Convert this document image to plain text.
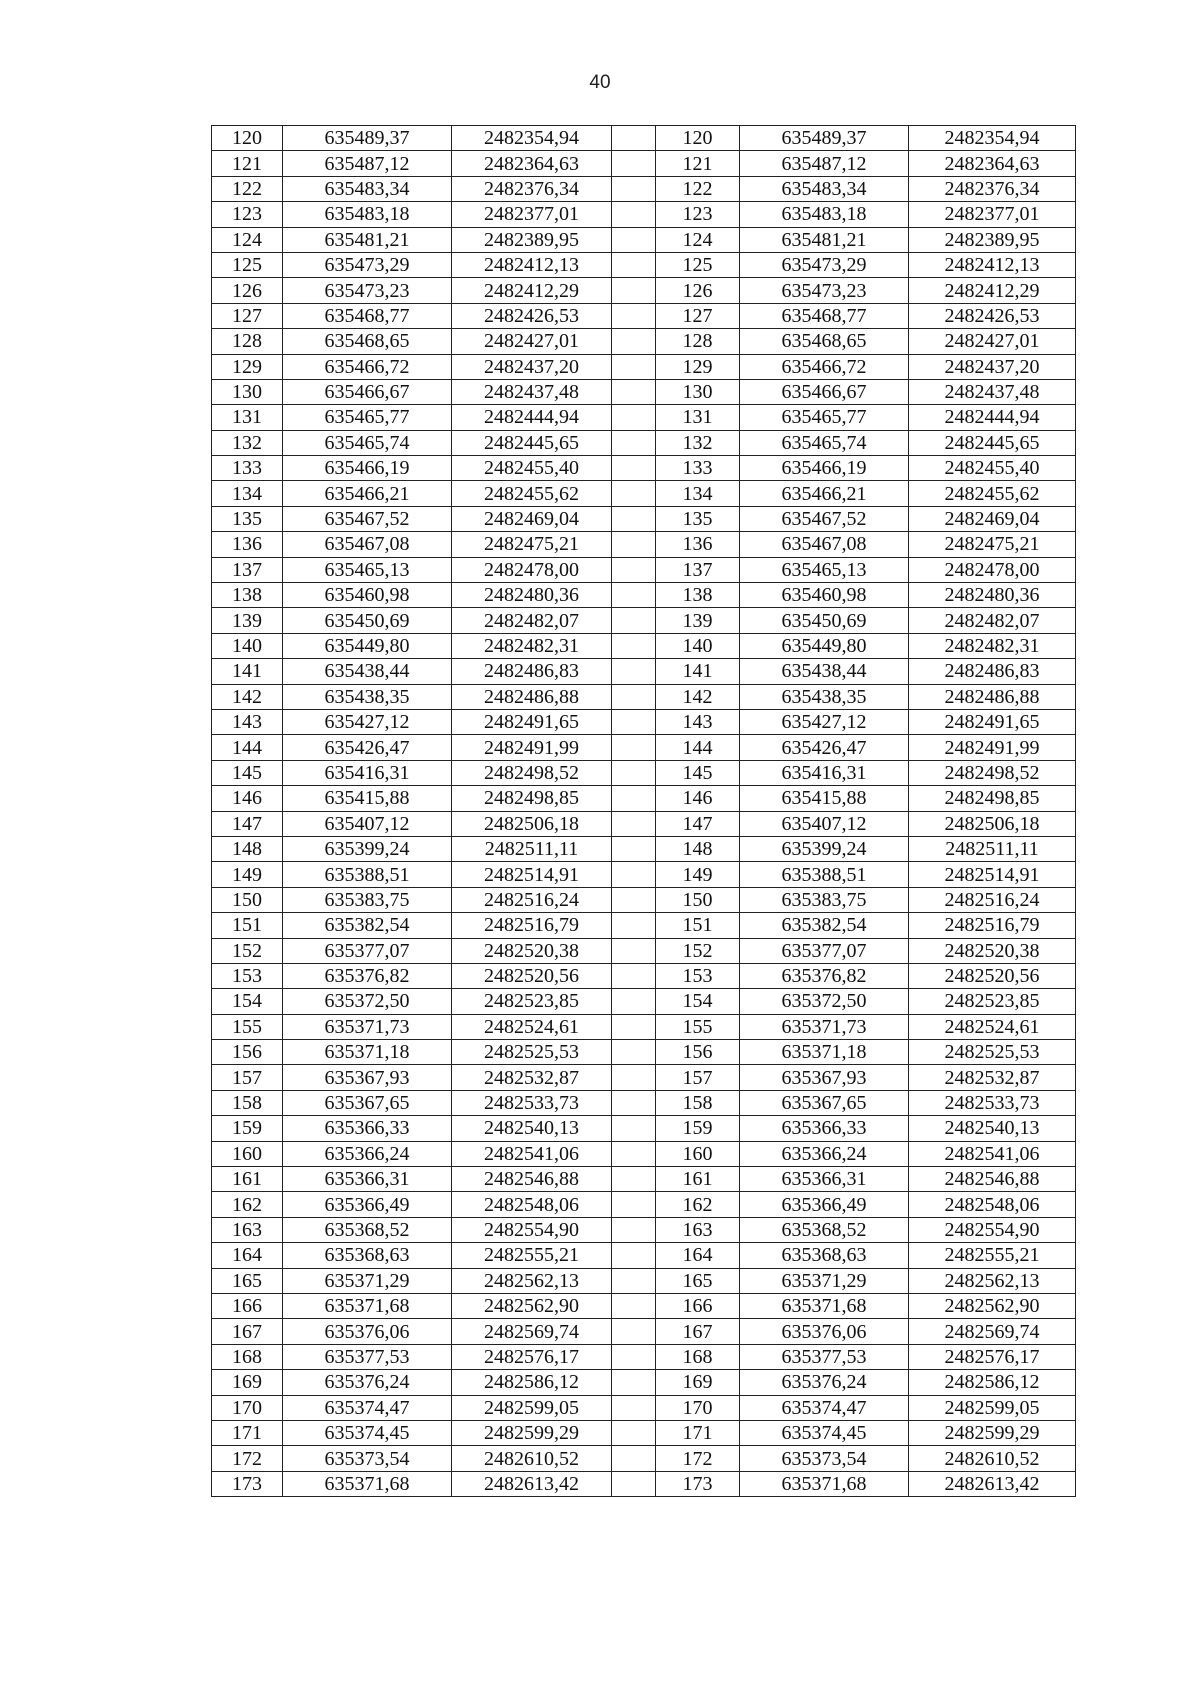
40
120	635489,37	2482354,94		120	635489,37	2482354,94
121	635487,12	2482364,63		121	635487,12	2482364,63
122	635483,34	2482376,34		122	635483,34	2482376,34
123	635483,18	2482377,01		123	635483,18	2482377,01
124	635481,21	2482389,95		124	635481,21	2482389,95
125	635473,29	2482412,13		125	635473,29	2482412,13
126	635473,23	2482412,29		126	635473,23	2482412,29
127	635468,77	2482426,53		127	635468,77	2482426,53
128	635468,65	2482427,01		128	635468,65	2482427,01
129	635466,72	2482437,20		129	635466,72	2482437,20
130	635466,67	2482437,48		130	635466,67	2482437,48
131	635465,77	2482444,94		131	635465,77	2482444,94
132	635465,74	2482445,65		132	635465,74	2482445,65
133	635466,19	2482455,40		133	635466,19	2482455,40
134	635466,21	2482455,62		134	635466,21	2482455,62
135	635467,52	2482469,04		135	635467,52	2482469,04
136	635467,08	2482475,21		136	635467,08	2482475,21
137	635465,13	2482478,00		137	635465,13	2482478,00
138	635460,98	2482480,36		138	635460,98	2482480,36
139	635450,69	2482482,07		139	635450,69	2482482,07
140	635449,80	2482482,31		140	635449,80	2482482,31
141	635438,44	2482486,83		141	635438,44	2482486,83
142	635438,35	2482486,88		142	635438,35	2482486,88
143	635427,12	2482491,65		143	635427,12	2482491,65
144	635426,47	2482491,99		144	635426,47	2482491,99
145	635416,31	2482498,52		145	635416,31	2482498,52
146	635415,88	2482498,85		146	635415,88	2482498,85
147	635407,12	2482506,18		147	635407,12	2482506,18
148	635399,24	2482511,11		148	635399,24	2482511,11
149	635388,51	2482514,91		149	635388,51	2482514,91
150	635383,75	2482516,24		150	635383,75	2482516,24
151	635382,54	2482516,79		151	635382,54	2482516,79
152	635377,07	2482520,38		152	635377,07	2482520,38
153	635376,82	2482520,56		153	635376,82	2482520,56
154	635372,50	2482523,85		154	635372,50	2482523,85
155	635371,73	2482524,61		155	635371,73	2482524,61
156	635371,18	2482525,53		156	635371,18	2482525,53
157	635367,93	2482532,87		157	635367,93	2482532,87
158	635367,65	2482533,73		158	635367,65	2482533,73
159	635366,33	2482540,13		159	635366,33	2482540,13
160	635366,24	2482541,06		160	635366,24	2482541,06
161	635366,31	2482546,88		161	635366,31	2482546,88
162	635366,49	2482548,06		162	635366,49	2482548,06
163	635368,52	2482554,90		163	635368,52	2482554,90
164	635368,63	2482555,21		164	635368,63	2482555,21
165	635371,29	2482562,13		165	635371,29	2482562,13
166	635371,68	2482562,90		166	635371,68	2482562,90
167	635376,06	2482569,74		167	635376,06	2482569,74
168	635377,53	2482576,17		168	635377,53	2482576,17
169	635376,24	2482586,12		169	635376,24	2482586,12
170	635374,47	2482599,05		170	635374,47	2482599,05
171	635374,45	2482599,29		171	635374,45	2482599,29
172	635373,54	2482610,52		172	635373,54	2482610,52
173	635371,68	2482613,42		173	635371,68	2482613,42
